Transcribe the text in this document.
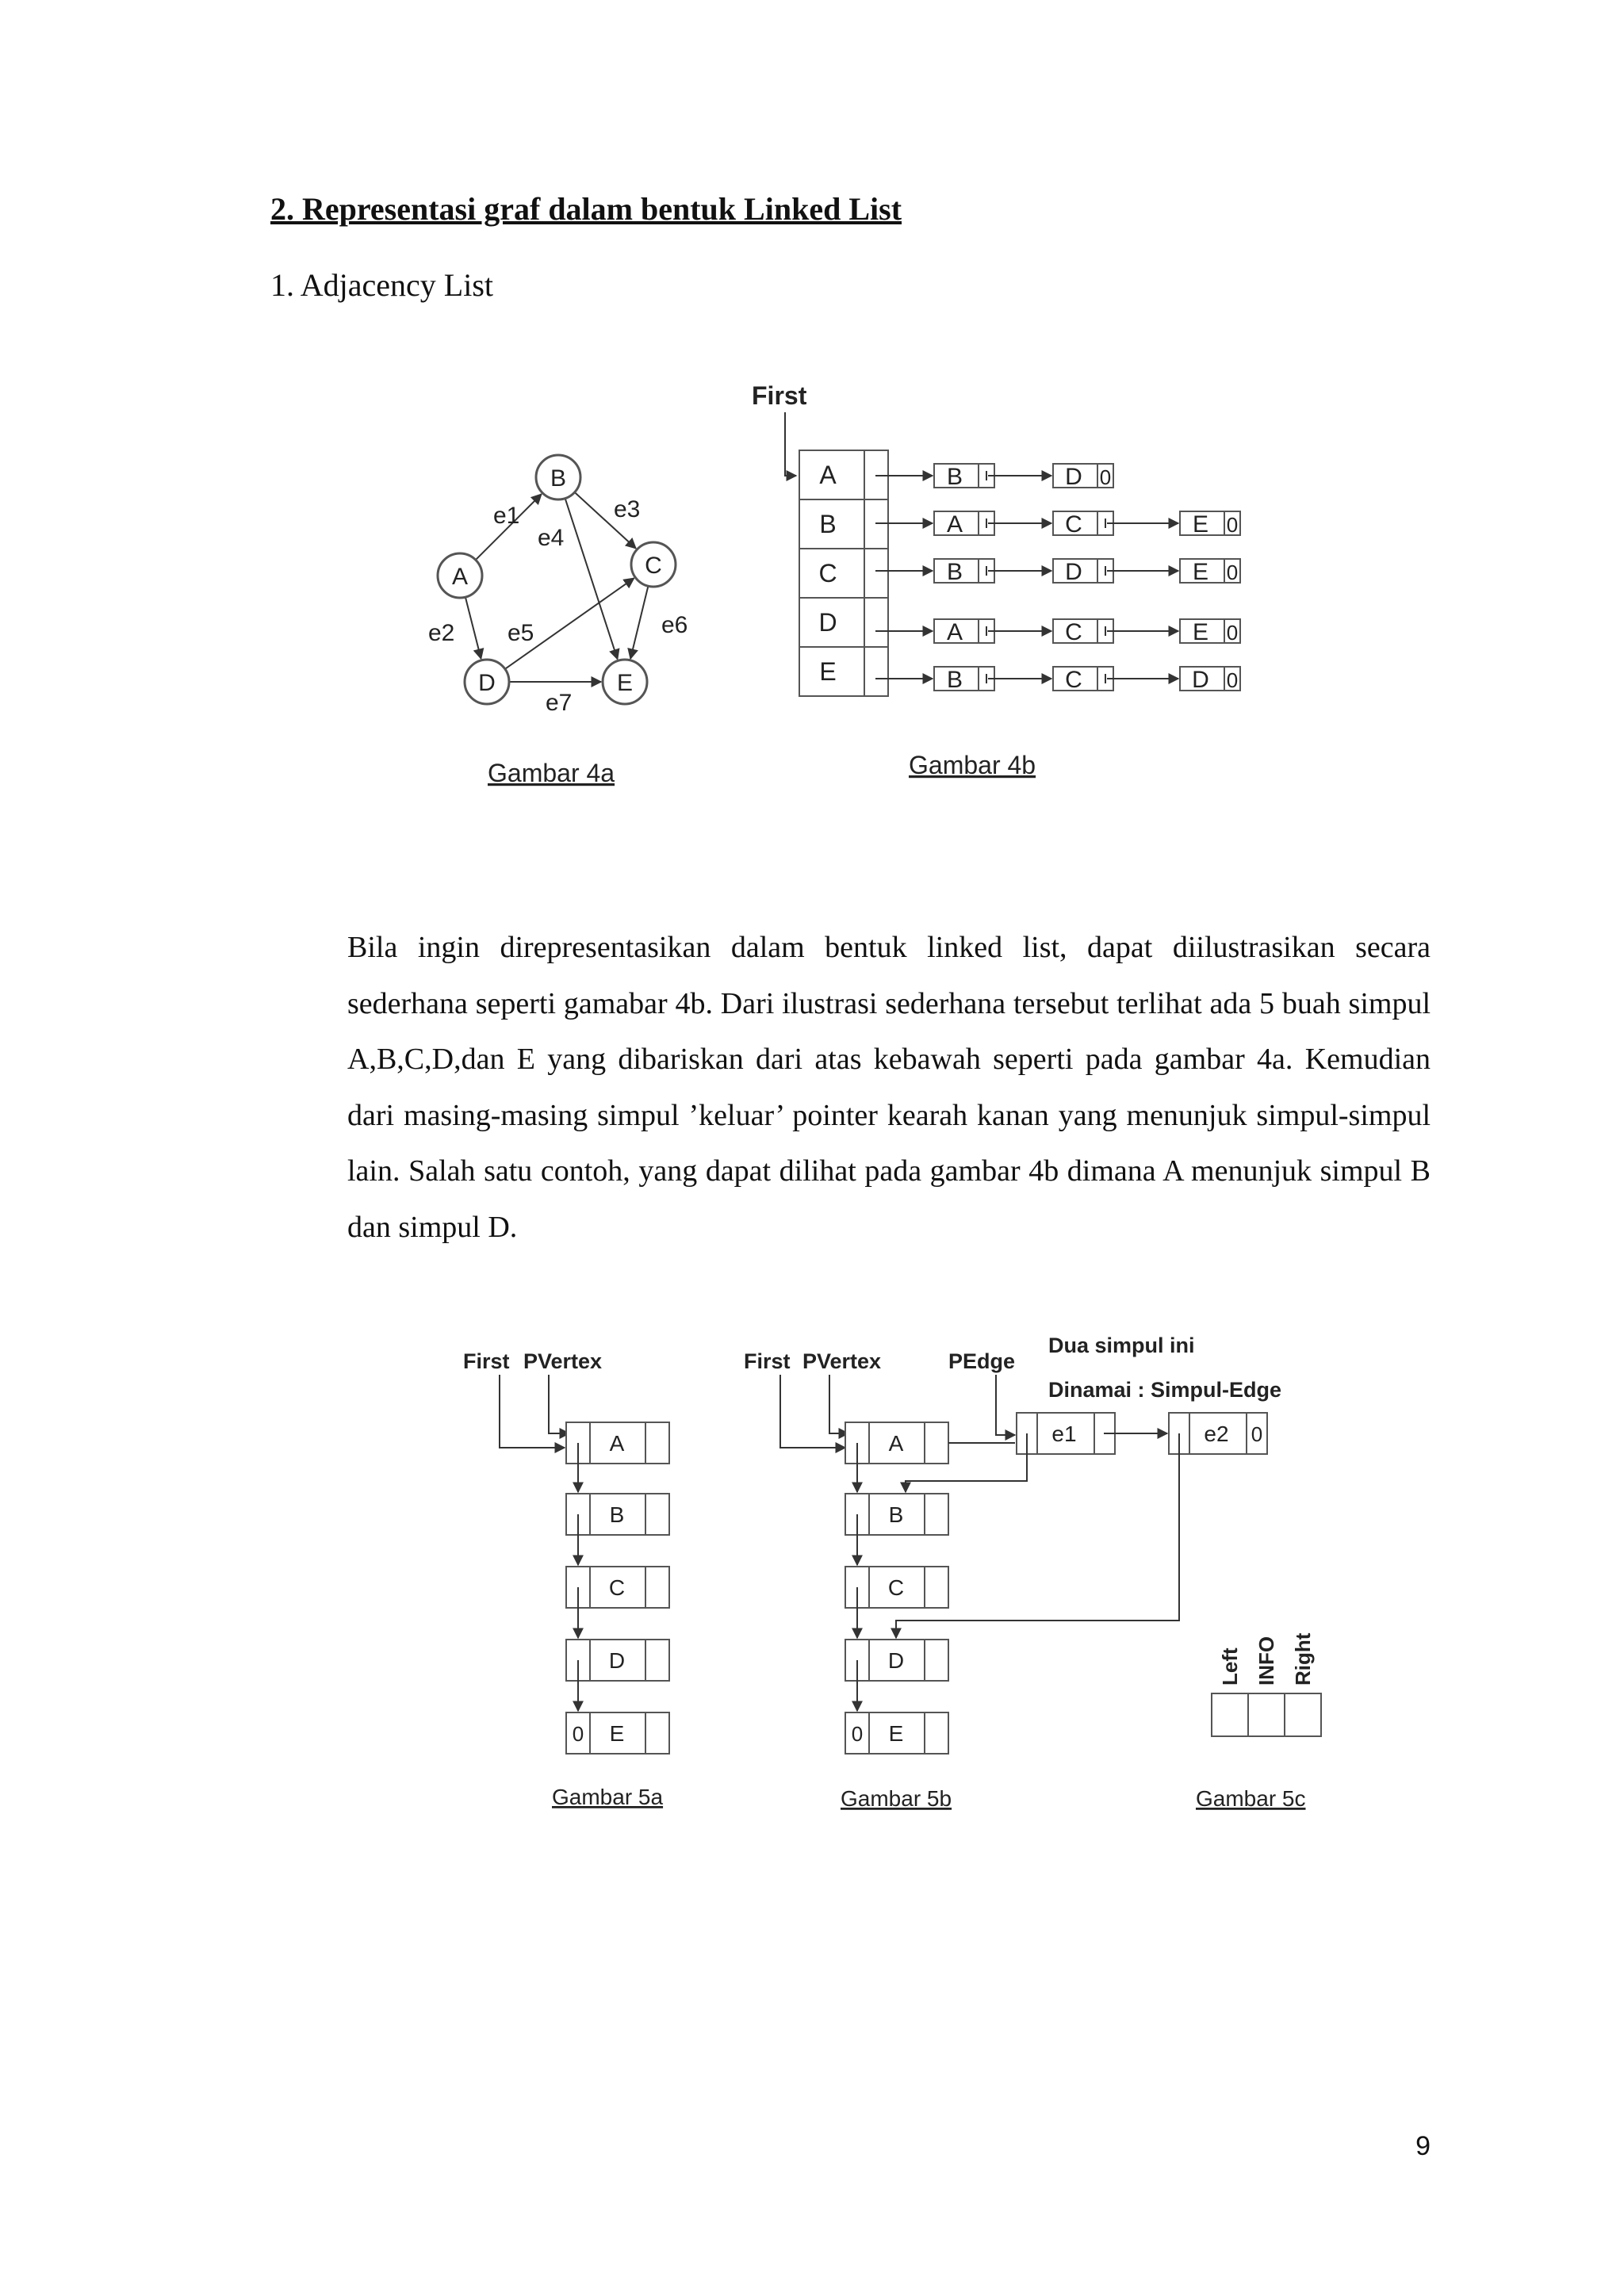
2. Representasi graf dalam bentuk Linked List

1. Adjacency List

Bila ingin direpresentasikan dalam bentuk linked list, dapat diilustrasikan secara sederhana seperti gamabar 4b. Dari ilustrasi sederhana tersebut terlihat ada 5 buah simpul A,B,C,D,dan E yang dibariskan dari atas kebawah seperti pada gambar 4a. Kemudian dari masing-masing simpul ’keluar’ pointer kearah kanan yang menunjuk simpul-simpul lain. Salah satu contoh, yang dapat dilihat pada gambar 4b dimana A menunjuk simpul B dan simpul D.

9
A
B
C
D	E
e1
e2
e3
e4
e5	e6
e7
Gambar 4a
First
A	B	D 0
B	A	C	E 0
C	B	D	E 0
D	A	C	E 0
E	B	C	D 0
Gambar 4b
First PVertex
A
B
C
D
E
0
Gambar 5a
First PVertex	PEdge
Dua simpul ini
Dinamai : Simpul-Edge
A
B
C
D
E
0
e1	e2 0
Gambar 5b
Left INFO Right
Gambar 5c
